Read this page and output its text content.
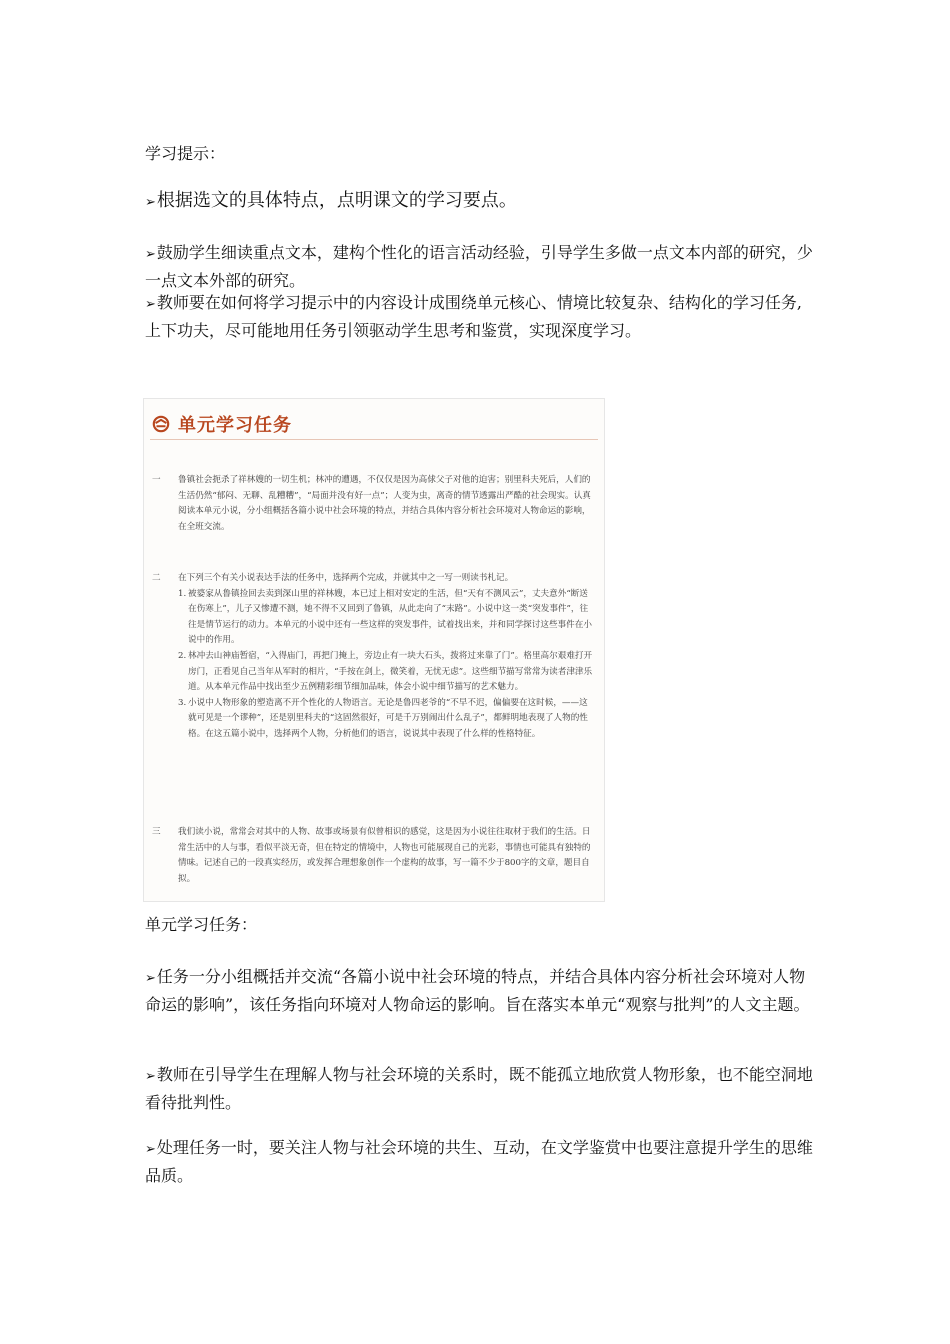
学习提示：

➢根据选文的具体特点，点明课文的学习要点。

➢鼓励学生细读重点文本，建构个性化的语言活动经验，引导学生多做一点文本内部的研究，少一点文本外部的研究。

➢教师要在如何将学习提示中的内容设计成围绕单元核心、情境比较复杂、结构化的学习任务,上下功夫，尽可能地用任务引领驱动学生思考和鉴赏，实现深度学习。

单元学习任务
一	鲁镇社会扼杀了祥林嫂的一切生机；林冲的遭遇，不仅仅是因为高俅父子对他的迫害；别里科夫死后，人们的生活仍然“郁闷、无聊、乱糟糟”，“局面并没有好一点”；人变为虫，离奇的情节透露出严酷的社会现实。认真阅读本单元小说，分小组概括各篇小说中社会环境的特点，并结合具体内容分析社会环境对人物命运的影响，在全班交流。
二	在下列三个有关小说表达手法的任务中，选择两个完成，并就其中之一写一则读书札记。
1. 被婆家从鲁镇捡回去卖到深山里的祥林嫂，本已过上相对安定的生活，但“天有不测风云”，丈夫意外“断送在伤寒上”，儿子又惨遭不测，她不得不又回到了鲁镇，从此走向了“末路”。小说中这一类“突发事件”，往往是情节运行的动力。本单元的小说中还有一些这样的突发事件，试着找出来，并和同学探讨这些事件在小说中的作用。
2. 林冲去山神庙暂宿，“入得庙门，再把门掩上，旁边止有一块大石头，拨将过来靠了门”。格里高尔艰难打开房门，正看见自己当年从军时的相片，“手按在剑上，微笑着，无忧无虑”。这些细节描写常常为读者津津乐道。从本单元作品中找出至少五例精彩细节细加品味，体会小说中细节描写的艺术魅力。
3. 小说中人物形象的塑造离不开个性化的人物语言。无论是鲁四老爷的“不早不迟，偏偏要在这时候，——这就可见是一个谬种”，还是别里科夫的“这固然很好，可是千万别闹出什么乱子”，都鲜明地表现了人物的性格。在这五篇小说中，选择两个人物，分析他们的语言，说说其中表现了什么样的性格特征。
三	我们读小说，常常会对其中的人物、故事或场景有似曾相识的感觉，这是因为小说往往取材于我们的生活。日常生活中的人与事，看似平淡无奇，但在特定的情境中，人物也可能展现自己的光彩，事情也可能具有独特的情味。记述自己的一段真实经历，或发挥合理想象创作一个虚构的故事，写一篇不少于800字的文章，题目自拟。

单元学习任务：

➢任务一分小组概括并交流“各篇小说中社会环境的特点，并结合具体内容分析社会环境对人物命运的影响”，该任务指向环境对人物命运的影响。旨在落实本单元“观察与批判”的人文主题。

➢教师在引导学生在理解人物与社会环境的关系时，既不能孤立地欣赏人物形象，也不能空洞地看待批判性。

➢处理任务一时，要关注人物与社会环境的共生、互动，在文学鉴赏中也要注意提升学生的思维品质。
